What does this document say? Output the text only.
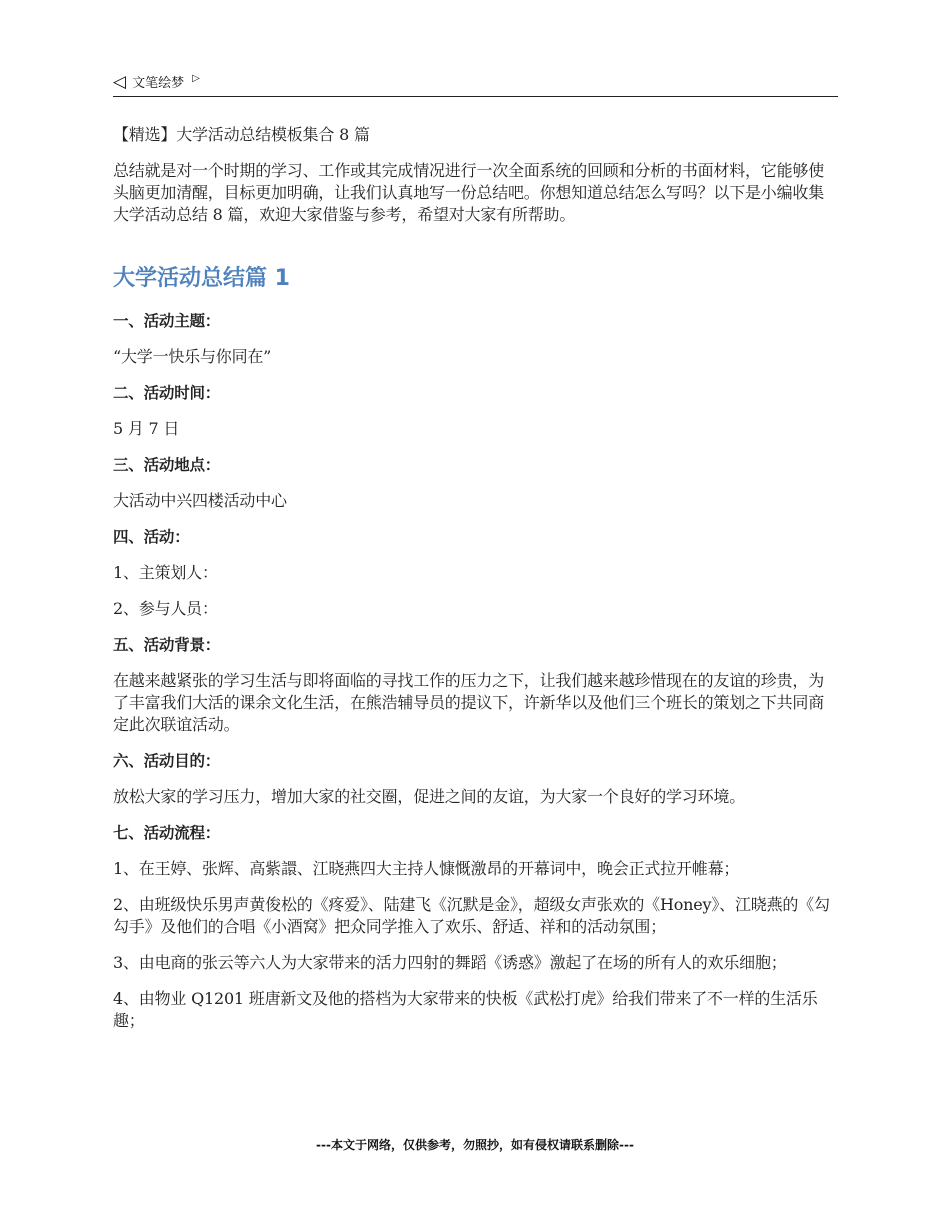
◁ 文笔绘梦 ▷

【精选】大学活动总结模板集合 8 篇

总结就是对一个时期的学习、工作或其完成情况进行一次全面系统的回顾和分析的书面材料，它能够使头脑更加清醒，目标更加明确，让我们认真地写一份总结吧。你想知道总结怎么写吗？以下是小编收集大学活动总结 8 篇，欢迎大家借鉴与参考，希望对大家有所帮助。

大学活动总结篇 1

一、活动主题：

“大学一快乐与你同在”

二、活动时间：

5 月 7 日

三、活动地点：

大活动中兴四楼活动中心

四、活动：

1、主策划人：

2、参与人员：

五、活动背景：

在越来越紧张的学习生活与即将面临的寻找工作的压力之下，让我们越来越珍惜现在的友谊的珍贵，为了丰富我们大活的课余文化生活，在熊浩辅导员的提议下，许新华以及他们三个班长的策划之下共同商定此次联谊活动。

六、活动目的：

放松大家的学习压力，增加大家的社交圈，促进之间的友谊，为大家一个良好的学习环境。

七、活动流程：

1、在王婷、张辉、高紫譞、江晓燕四大主持人慷慨激昂的开幕词中，晚会正式拉开帷幕；

2、由班级快乐男声黄俊松的《疼爱》、陆建飞《沉默是金》，超级女声张欢的《Honey》、江晓燕的《勾勾手》及他们的合唱《小酒窝》把众同学推入了欢乐、舒适、祥和的活动氛围；

3、由电商的张云等六人为大家带来的活力四射的舞蹈《诱惑》激起了在场的所有人的欢乐细胞；

4、由物业 Q1201 班唐新文及他的搭档为大家带来的快板《武松打虎》给我们带来了不一样的生活乐趣；

---本文于网络，仅供参考，勿照抄，如有侵权请联系删除---
